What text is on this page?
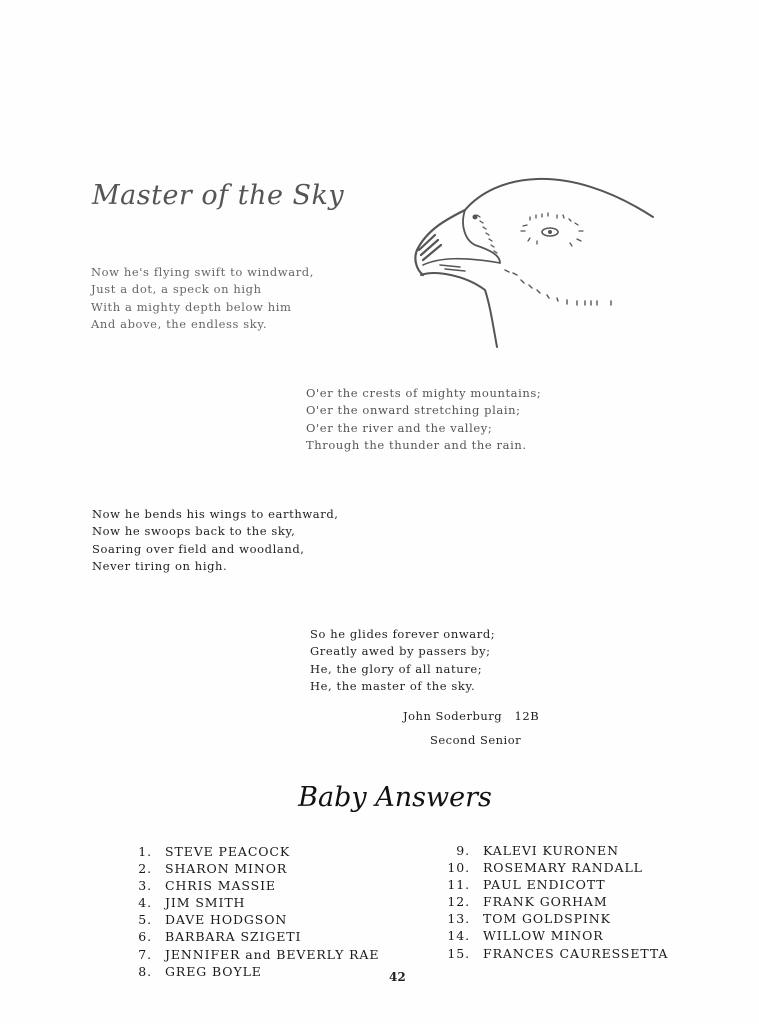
Master of the Sky
Now he's flying swift to windward,
Just a dot, a speck on high
With a mighty depth below him
And above, the endless sky.
O'er the crests of mighty mountains;
O'er the onward stretching plain;
O'er the river and the valley;
Through the thunder and the rain.
Now he bends his wings to earthward,
Now he swoops back to the sky,
Soaring over field and woodland,
Never tiring on high.
So he glides forever onward;
Greatly awed by passers by;
He, the glory of all nature;
He, the master of the sky.
John Soderburg   12B
Second Senior
Baby Answers
1. STEVE PEACOCK
2. SHARON MINOR
3. CHRIS MASSIE
4. JIM SMITH
5. DAVE HODGSON
6. BARBARA SZIGETI
7. JENNIFER and BEVERLY RAE
8. GREG BOYLE
9. KALEVI KURONEN
10. ROSEMARY RANDALL
11. PAUL ENDICOTT
12. FRANK GORHAM
13. TOM GOLDSPINK
14. WILLOW MINOR
15. FRANCES CAURESSETTA
42
